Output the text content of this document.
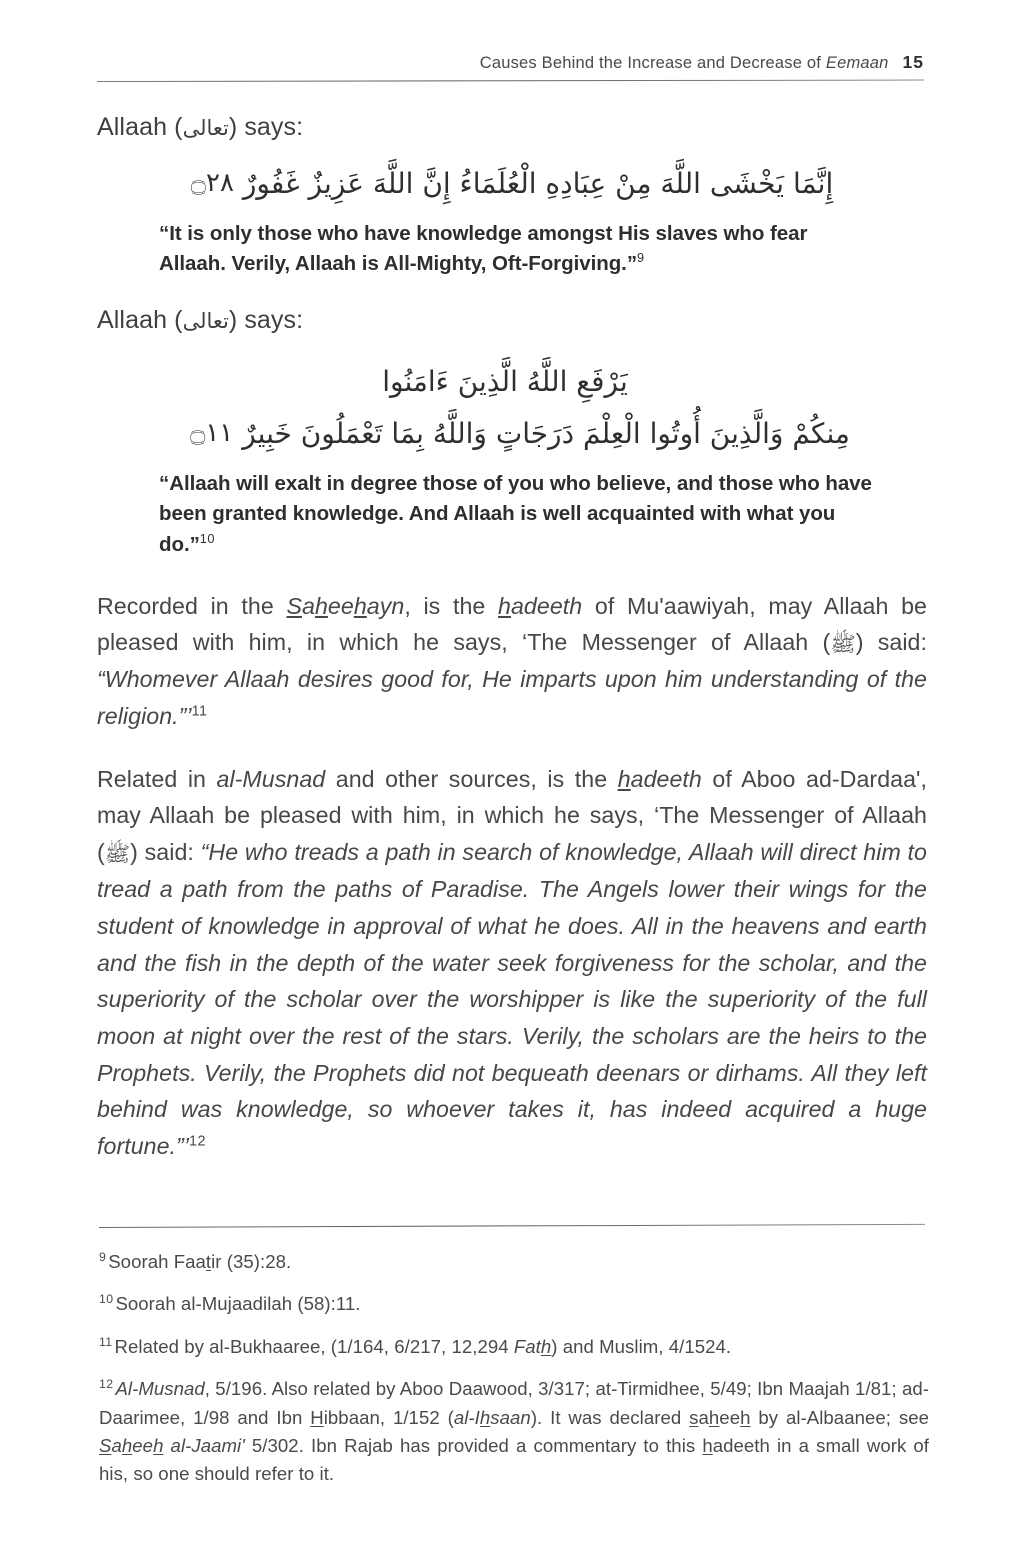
Causes Behind the Increase and Decrease of Eemaan 15

Allaah (تعالى) says:

إِنَّمَا يَخْشَى اللَّهَ مِنْ عِبَادِهِ الْعُلَمَاءُ إِنَّ اللَّهَ عَزِيزٌ غَفُورٌ ۝٢٨

“It is only those who have knowledge amongst His slaves who fear Allaah. Verily, Allaah is All-Mighty, Oft-Forgiving.”$^9$

Allaah (تعالى) says:

يَرْفَعِ اللَّهُ الَّذِينَ ءَامَنُوا
مِنكُمْ وَالَّذِينَ أُوتُوا الْعِلْمَ دَرَجَاتٍ وَاللَّهُ بِمَا تَعْمَلُونَ خَبِيرٌ ۝١١

“Allaah will exalt in degree those of you who believe, and those who have been granted knowledge. And Allaah is well acquainted with what you do.”$^{10}$

Recorded in the Saheehayn, is the hadeeth of Mu'aawiyah, may Allaah be pleased with him, in which he says, ‘The Messenger of Allaah (ﷺ) said: “Whomever Allaah desires good for, He imparts upon him understanding of the religion.”’$^{11}$

Related in al-Musnad and other sources, is the hadeeth of Aboo ad-Dardaa', may Allaah be pleased with him, in which he says, ‘The Messenger of Allaah (ﷺ) said: “He who treads a path in search of knowledge, Allaah will direct him to tread a path from the paths of Paradise. The Angels lower their wings for the student of knowledge in approval of what he does. All in the heavens and earth and the fish in the depth of the water seek forgiveness for the scholar, and the superiority of the scholar over the worshipper is like the superiority of the full moon at night over the rest of the stars. Verily, the scholars are the heirs to the Prophets. Verily, the Prophets did not bequeath deenars or dirhams. All they left behind was knowledge, so whoever takes it, has indeed acquired a huge fortune.”’$^{12}$

$^9$ Soorah Faatir (35):28.

$^{10}$ Soorah al-Mujaadilah (58):11.

$^{11}$ Related by al-Bukhaaree, (1/164, 6/217, 12,294 Fath) and Muslim, 4/1524.

$^{12}$ Al-Musnad, 5/196. Also related by Aboo Daawood, 3/317; at-Tirmidhee, 5/49; Ibn Maajah 1/81; ad-Daarimee, 1/98 and Ibn Hibbaan, 1/152 (al-Ihsaan). It was declared saheeh by al-Albaanee; see Saheeh al-Jaami' 5/302. Ibn Rajab has provided a commentary to this hadeeth in a small work of his, so one should refer to it.
